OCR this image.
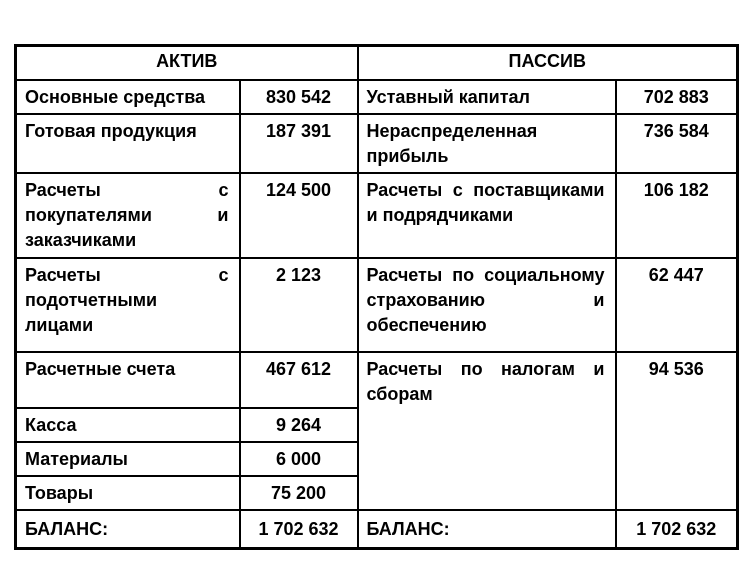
АКТИВ		ПАССИВ	
Основные средства	830 542	Уставный капитал	702 883
Готовая продукция	187 391	Нераспределенная прибыль	736 584
Расчеты с покупателями и заказчиками	124 500	Расчеты с поставщиками и подрядчиками	106 182
Расчеты с подотчетными лицами	2 123	Расчеты по социальному страхованию и обеспечению	62 447
Расчетные счета	467 612	Расчеты по налогам и сборам	94 536
Касса	9 264		
Материалы	6 000		
Товары	75 200		
БАЛАНС:	1 702 632	БАЛАНС:	1 702 632
